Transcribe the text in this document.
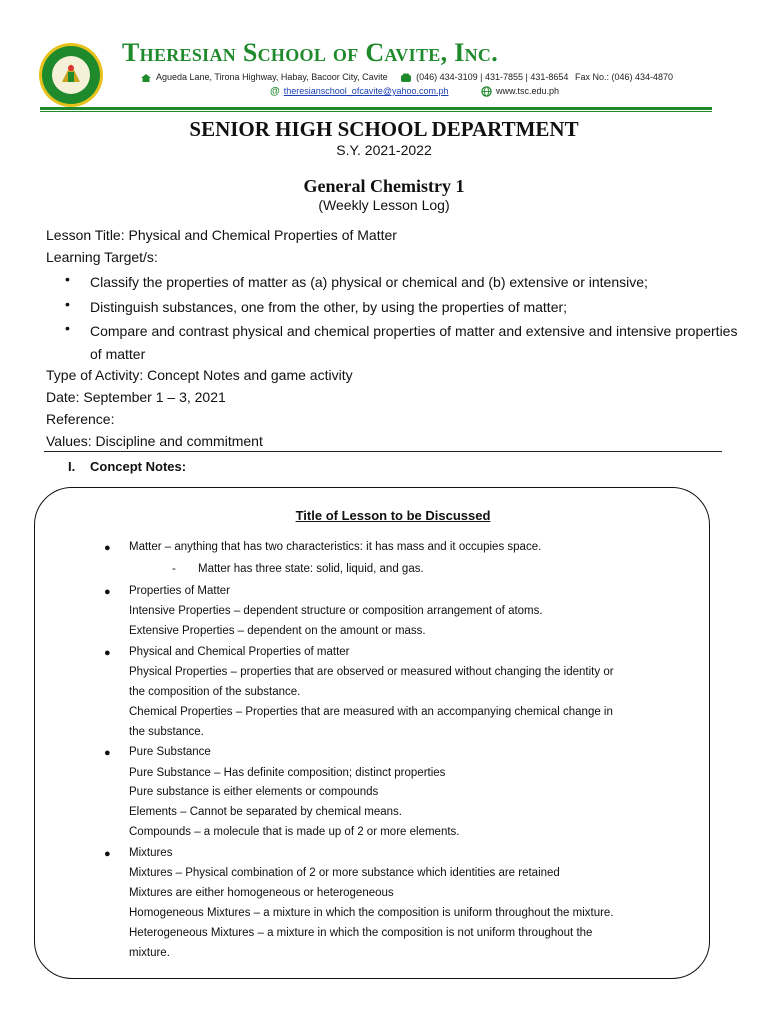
Theresian School of Cavite, Inc.
Agueda Lane, Tirona Highway, Habay, Bacoor City, Cavite	(046) 434-3109 | 431-7855 | 431-8654 Fax No.: (046) 434-4870
@ theresianschool_ofcavite@yahoo.com.ph	www.tsc.edu.ph
SENIOR HIGH SCHOOL DEPARTMENT
S.Y. 2021-2022
General Chemistry 1
(Weekly Lesson Log)
Lesson Title: Physical and Chemical Properties of Matter
Learning Target/s:
• Classify the properties of matter as (a) physical or chemical and (b) extensive or intensive;
• Distinguish substances, one from the other, by using the properties of matter;
• Compare and contrast physical and chemical properties of matter and extensive and intensive properties of matter
Type of Activity: Concept Notes and game activity
Date: September 1 – 3, 2021
Reference:
Values: Discipline and commitment
I. Concept Notes:
Title of Lesson to be Discussed
● Matter – anything that has two characteristics: it has mass and it occupies space.
- Matter has three state: solid, liquid, and gas.
● Properties of Matter
Intensive Properties – dependent structure or composition arrangement of atoms.
Extensive Properties – dependent on the amount or mass.
● Physical and Chemical Properties of matter
Physical Properties – properties that are observed or measured without changing the identity or
the composition of the substance.
Chemical Properties – Properties that are measured with an accompanying chemical change in
the substance.
● Pure Substance
Pure Substance – Has definite composition; distinct properties
Pure substance is either elements or compounds
Elements – Cannot be separated by chemical means.
Compounds – a molecule that is made up of 2 or more elements.
● Mixtures
Mixtures – Physical combination of 2 or more substance which identities are retained
Mixtures are either homogeneous or heterogeneous
Homogeneous Mixtures – a mixture in which the composition is uniform throughout the mixture.
Heterogeneous Mixtures – a mixture in which the composition is not uniform throughout the
mixture.
